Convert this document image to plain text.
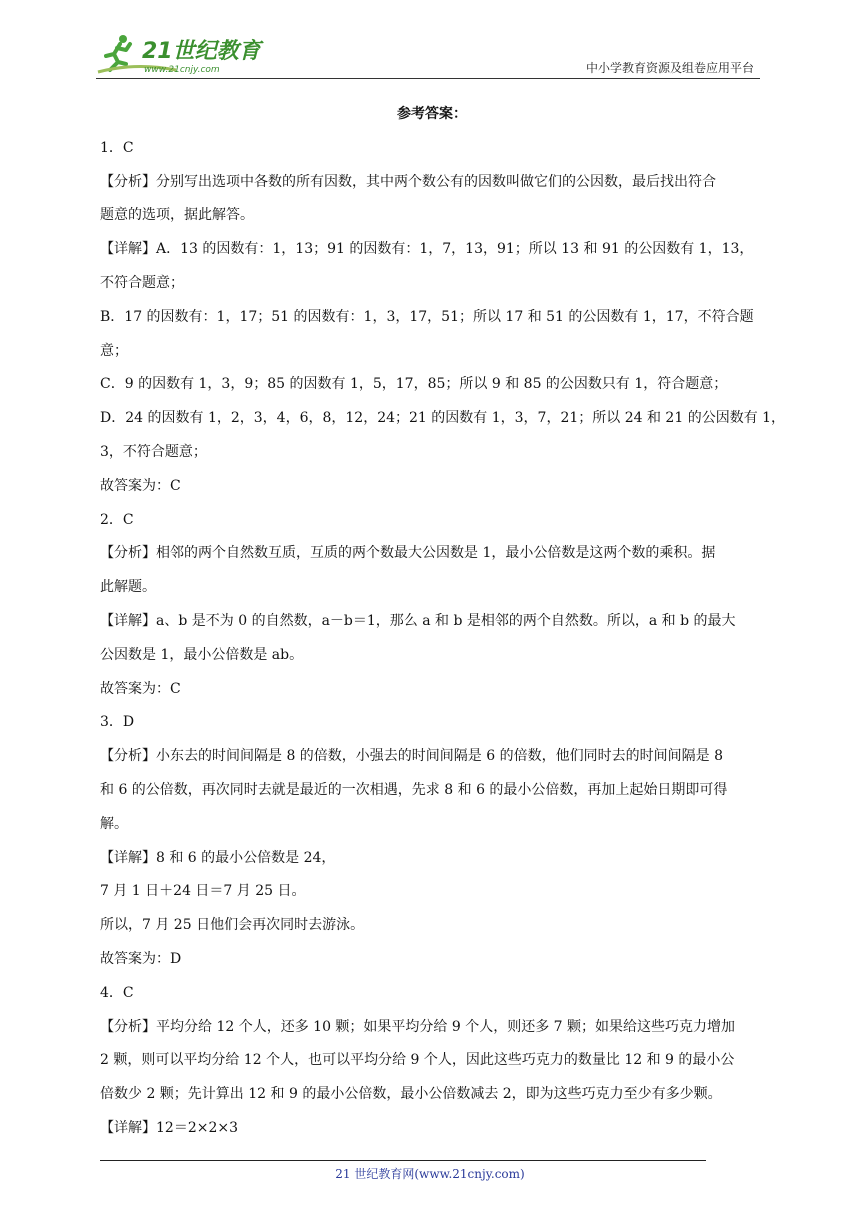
21世纪教育
www.21cnjy.com	中小学教育资源及组卷应用平台

参考答案：

1．C

【分析】分别写出选项中各数的所有因数，其中两个数公有的因数叫做它们的公因数，最后找出符合

题意的选项，据此解答。

【详解】A．13 的因数有：1，13；91 的因数有：1，7，13，91；所以 13 和 91 的公因数有 1，13，

不符合题意；

B．17 的因数有：1，17；51 的因数有：1，3，17，51；所以 17 和 51 的公因数有 1，17，不符合题

意；

C．9 的因数有 1，3，9；85 的因数有 1，5，17，85；所以 9 和 85 的公因数只有 1，符合题意；

D．24 的因数有 1，2，3，4，6，8，12，24；21 的因数有 1，3，7，21；所以 24 和 21 的公因数有 1，

3，不符合题意；

故答案为：C

2．C

【分析】相邻的两个自然数互质，互质的两个数最大公因数是 1，最小公倍数是这两个数的乘积。据

此解题。

【详解】a、b 是不为 0 的自然数，a－b＝1，那么 a 和 b 是相邻的两个自然数。所以，a 和 b 的最大

公因数是 1，最小公倍数是 ab。

故答案为：C

3．D

【分析】小东去的时间间隔是 8 的倍数，小强去的时间间隔是 6 的倍数，他们同时去的时间间隔是 8

和 6 的公倍数，再次同时去就是最近的一次相遇，先求 8 和 6 的最小公倍数，再加上起始日期即可得

解。

【详解】8 和 6 的最小公倍数是 24，

7 月 1 日＋24 日＝7 月 25 日。

所以，7 月 25 日他们会再次同时去游泳。

故答案为：D

4．C

【分析】平均分给 12 个人，还多 10 颗；如果平均分给 9 个人，则还多 7 颗；如果给这些巧克力增加

2 颗，则可以平均分给 12 个人，也可以平均分给 9 个人，因此这些巧克力的数量比 12 和 9 的最小公

倍数少 2 颗；先计算出 12 和 9 的最小公倍数，最小公倍数减去 2，即为这些巧克力至少有多少颗。

【详解】12＝2×2×3

21 世纪教育网(www.21cnjy.com)
